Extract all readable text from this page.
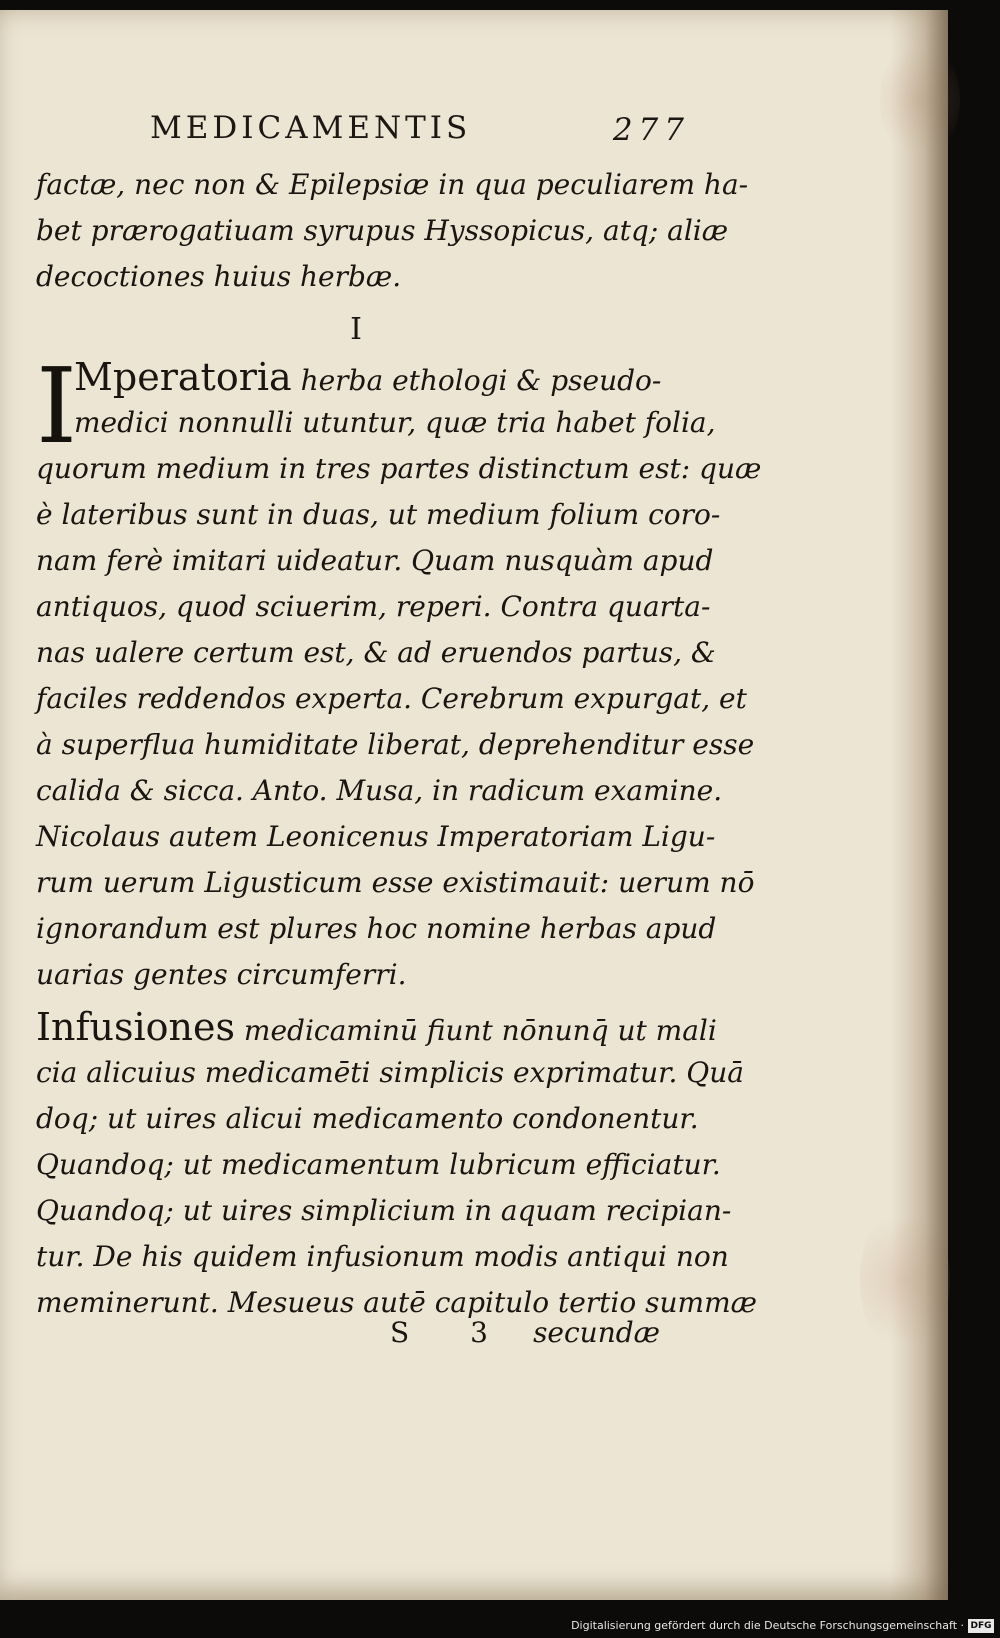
MEDICAMENTIS	277
factæ, nec non & Epilepsiæ in qua peculiarem ha-
bet prærogatiuam syrupus Hyssopicus, atq; aliæ
decoctiones huius herbæ.
I
I
Mperatoria herba ethologi & pseudo-
medici nonnulli utuntur, quæ tria habet folia,
quorum medium in tres partes distinctum est: quæ
è lateribus sunt in duas, ut medium folium coro-
nam ferè imitari uideatur. Quam nusquàm apud
antiquos, quod sciuerim, reperi. Contra quarta-
nas ualere certum est, & ad eruendos partus, &
faciles reddendos experta. Cerebrum expurgat, et
à superflua humiditate liberat, deprehenditur esse
calida & sicca. Anto. Musa, in radicum examine.
Nicolaus autem Leonicenus Imperatoriam Ligu-
rum uerum Ligusticum esse existimauit: uerum nō
ignorandum est plures hoc nomine herbas apud
uarias gentes circumferri.
Infusiones medicaminū fiunt nōnunq̄ ut mali
cia alicuius medicamēti simplicis exprimatur. Quā
doq; ut uires alicui medicamento condonentur.
Quandoq; ut medicamentum lubricum efficiatur.
Quandoq; ut uires simplicium in aquam recipian-
tur. De his quidem infusionum modis antiqui non
meminerunt. Mesueus autē capitulo tertio summæ
S 3 secundæ
Digitalisierung gefördert durch die Deutsche Forschungsgemeinschaft · DFG
